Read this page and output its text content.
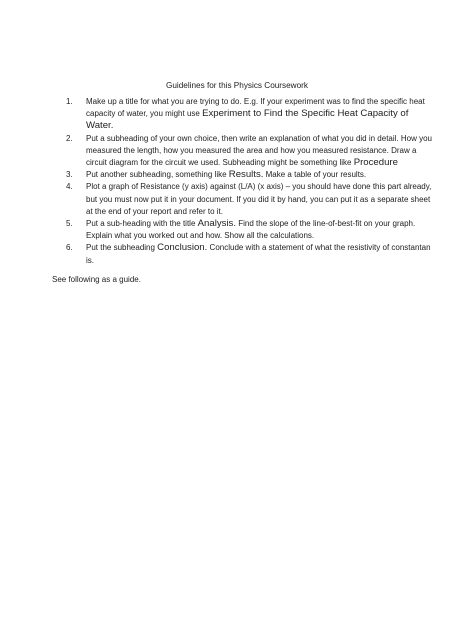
Guidelines for this Physics Coursework
1. Make up a title for what you are trying to do. E.g. If your experiment was to find the specific heat capacity of water, you might use Experiment to Find the Specific Heat Capacity of Water.
2. Put a subheading of your own choice, then write an explanation of what you did in detail. How you measured the length, how you measured the area and how you measured resistance. Draw a circuit diagram for the circuit we used. Subheading might be something like Procedure
3. Put another subheading, something like Results. Make a table of your results.
4. Plot a graph of Resistance (y axis) against (L/A) (x axis) – you should have done this part already, but you must now put it in your document. If you did it by hand, you can put it as a separate sheet at the end of your report and refer to it.
5. Put a sub-heading with the title Analysis. Find the slope of the line-of-best-fit on your graph. Explain what you worked out and how. Show all the calculations.
6. Put the subheading Conclusion. Conclude with a statement of what the resistivity of constantan is.
See following as a guide.
